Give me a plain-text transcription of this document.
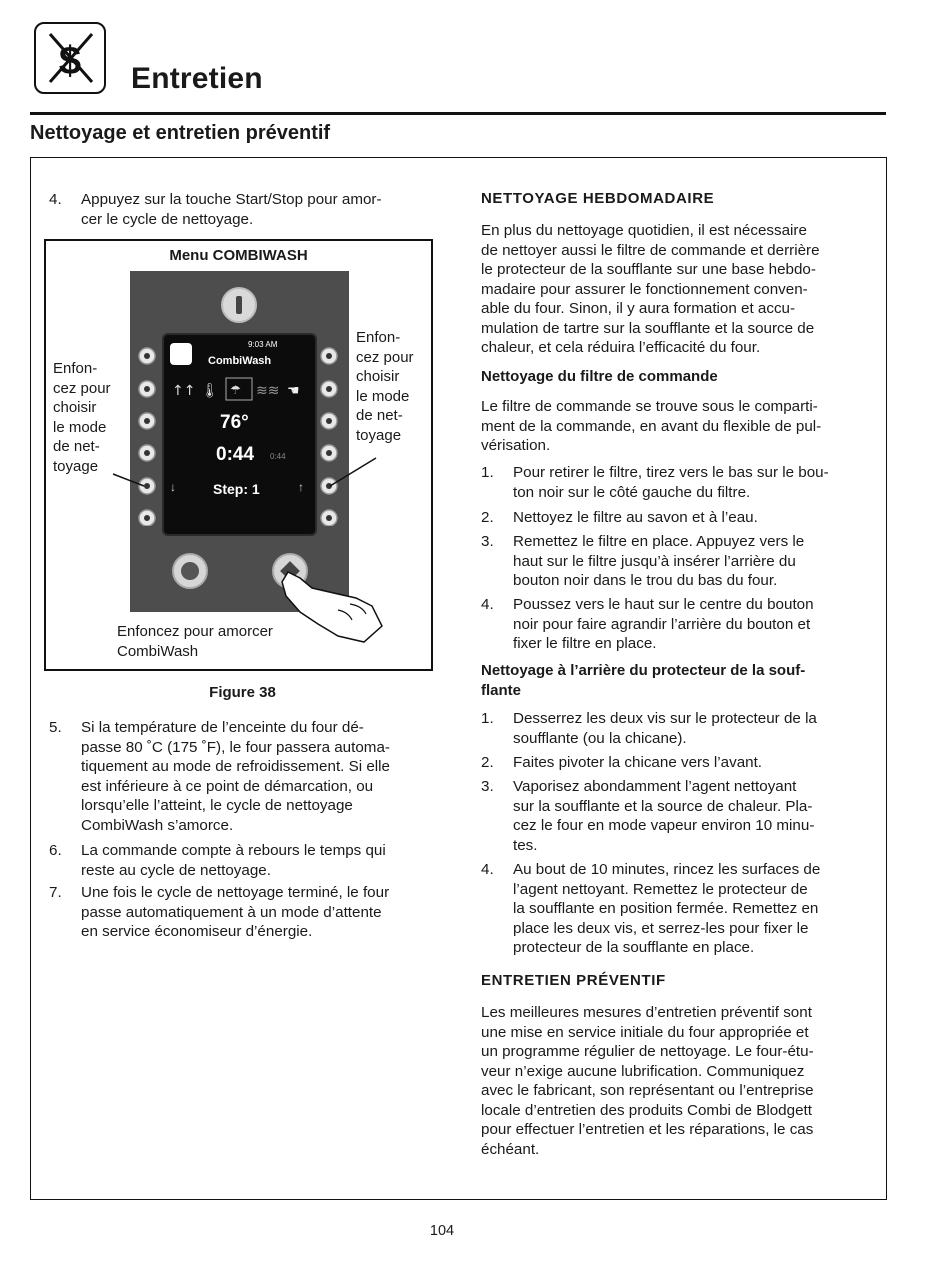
$ Entretien
Nettoyage et entretien préventif
4. Appuyez sur la touche Start/Stop pour amor-
cer le cycle de nettoyage.
Menu COMBIWASH
9:03 AM
CombiWash
↑↑ 🌡 ☂ ≋≋ ☚
76°
0:44 0:44
↓	Step: 1	↑
Enfon-
cez pour
choisir
le mode
de net-
toyage
Enfon-
cez pour
choisir
le mode
de net-
toyage
Enfoncez pour amorcer
CombiWash
Figure 38
5. Si la température de l’enceinte du four dé-
passe 80 ˚C (175 ˚F), le four passera automa-
tiquement au mode de refroidissement. Si elle
est inférieure à ce point de démarcation, ou
lorsqu’elle l’atteint, le cycle de nettoyage
CombiWash s’amorce.
6. La commande compte à rebours le temps qui
reste au cycle de nettoyage.
7. Une fois le cycle de nettoyage terminé, le four
passe automatiquement à un mode d’attente
en service économiseur d’énergie.
NETTOYAGE HEBDOMADAIRE
En plus du nettoyage quotidien, il est nécessaire
de nettoyer aussi le filtre de commande et derrière
le protecteur de la soufflante sur une base hebdo-
madaire pour assurer le fonctionnement conven-
able du four. Sinon, il y aura formation et accu-
mulation de tartre sur la soufflante et la source de
chaleur, et cela réduira l’efficacité du four.
Nettoyage du filtre de commande
Le filtre de commande se trouve sous le comparti-
ment de la commande, en avant du flexible de pul-
vérisation.
1. Pour retirer le filtre, tirez vers le bas sur le bou-
ton noir sur le côté gauche du filtre.
2. Nettoyez le filtre au savon et à l’eau.
3. Remettez le filtre en place. Appuyez vers le
haut sur le filtre jusqu’à insérer l’arrière du
bouton noir dans le trou du bas du four.
4. Poussez vers le haut sur le centre du bouton
noir pour faire agrandir l’arrière du bouton et
fixer le filtre en place.
Nettoyage à l’arrière du protecteur de la souf-
flante
1. Desserrez les deux vis sur le protecteur de la
soufflante (ou la chicane).
2. Faites pivoter la chicane vers l’avant.
3. Vaporisez abondamment l’agent nettoyant
sur la soufflante et la source de chaleur. Pla-
cez le four en mode vapeur environ 10 minu-
tes.
4. Au bout de 10 minutes, rincez les surfaces de
l’agent nettoyant. Remettez le protecteur de
la soufflante en position fermée. Remettez en
place les deux vis, et serrez-les pour fixer le
protecteur de la soufflante en place.
ENTRETIEN PRÉVENTIF
Les meilleures mesures d’entretien préventif sont
une mise en service initiale du four appropriée et
un programme régulier de nettoyage. Le four-étu-
veur n’exige aucune lubrification. Communiquez
avec le fabricant, son représentant ou l’entreprise
locale d’entretien des produits Combi de Blodgett
pour effectuer l’entretien et les réparations, le cas
échéant.
104
